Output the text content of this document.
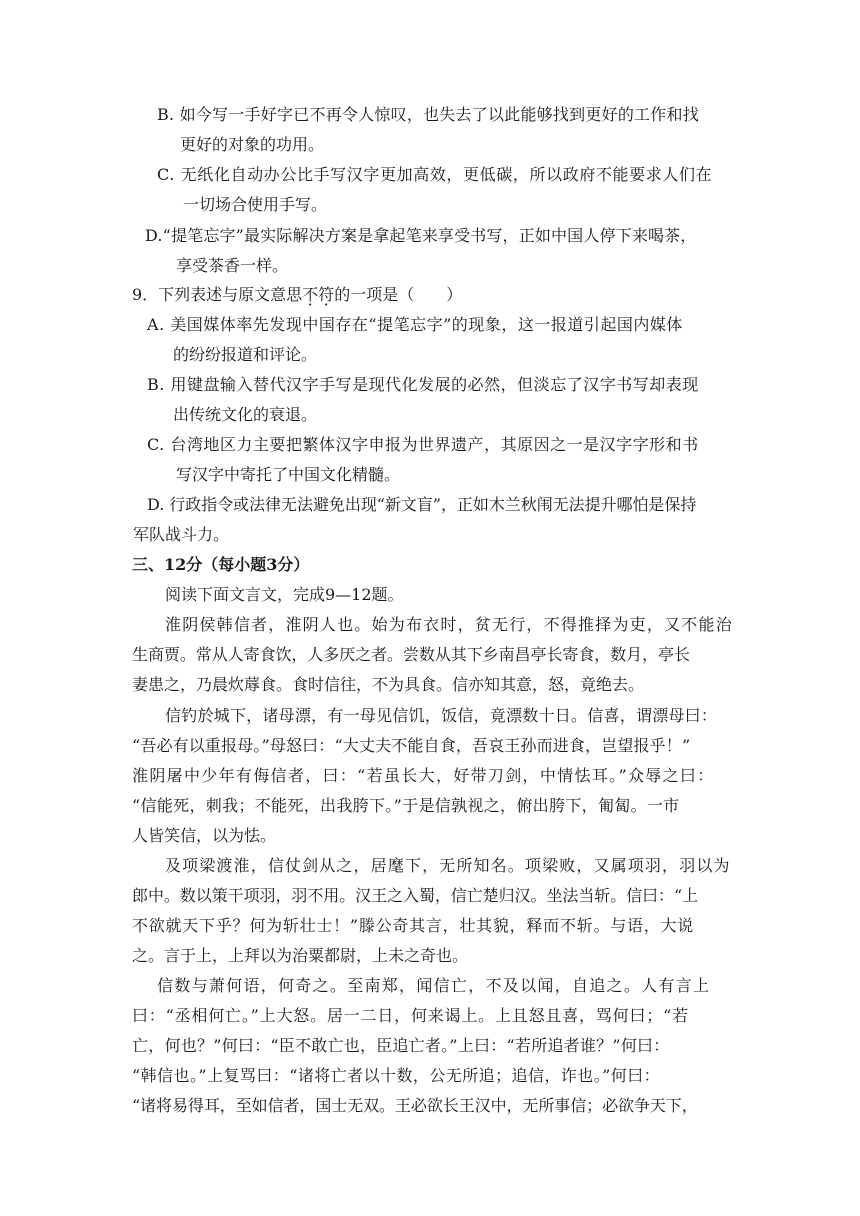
B. 如今写一手好字已不再令人惊叹，也失去了以此能够找到更好的工作和找
更好的对象的功用。
C. 无纸化自动办公比手写汉字更加高效，更低碳，所以政府不能要求人们在
一切场合使用手写。
D.“提笔忘字”最实际解决方案是拿起笔来享受书写，正如中国人停下来喝茶，
享受茶香一样。
9．下列表述与原文意思不符的一项是（　　）
A. 美国媒体率先发现中国存在“提笔忘字”的现象，这一报道引起国内媒体
的纷纷报道和评论。
B. 用键盘输入替代汉字手写是现代化发展的必然，但淡忘了汉字书写却表现
出传统文化的衰退。
C. 台湾地区力主要把繁体汉字申报为世界遗产，其原因之一是汉字字形和书
写汉字中寄托了中国文化精髓。
D. 行政指令或法律无法避免出现“新文盲”，正如木兰秋闱无法提升哪怕是保持
军队战斗力。
三、12分（每小题3分）
阅读下面文言文，完成9—12题。
淮阴侯韩信者，淮阴人也。始为布衣时，贫无行，不得推择为吏，又不能治
生商贾。常从人寄食饮，人多厌之者。尝数从其下乡南昌亭长寄食，数月，亭长
妻患之，乃晨炊蓐食。食时信往，不为具食。信亦知其意，怒，竟绝去。
信钓於城下，诸母漂，有一母见信饥，饭信，竟漂数十日。信喜，谓漂母曰：
“吾必有以重报母。”母怒曰：“大丈夫不能自食，吾哀王孙而进食，岂望报乎！”
淮阴屠中少年有侮信者，曰：“若虽长大，好带刀剑，中情怯耳。”众辱之曰：
“信能死，刺我；不能死，出我胯下。”于是信孰视之，俯出胯下，匍匐。一市
人皆笑信，以为怯。
及项梁渡淮，信仗剑从之，居麾下，无所知名。项梁败，又属项羽，羽以为
郎中。数以策干项羽，羽不用。汉王之入蜀，信亡楚归汉。坐法当斩。信曰：“上
不欲就天下乎？何为斩壮士！”滕公奇其言，壮其貌，释而不斩。与语，大说
之。言于上，上拜以为治粟都尉，上未之奇也。
信数与萧何语，何奇之。至南郑，闻信亡，不及以闻，自追之。人有言上
曰：“丞相何亡。”上大怒。居一二日，何来谒上。上且怒且喜，骂何曰；“若
亡，何也？”何曰：“臣不敢亡也，臣追亡者。”上曰：“若所追者谁？”何曰：
“韩信也。”上复骂曰：“诸将亡者以十数，公无所追；追信，诈也。”何曰：
“诸将易得耳，至如信者，国士无双。王必欲长王汉中，无所事信；必欲争天下，
